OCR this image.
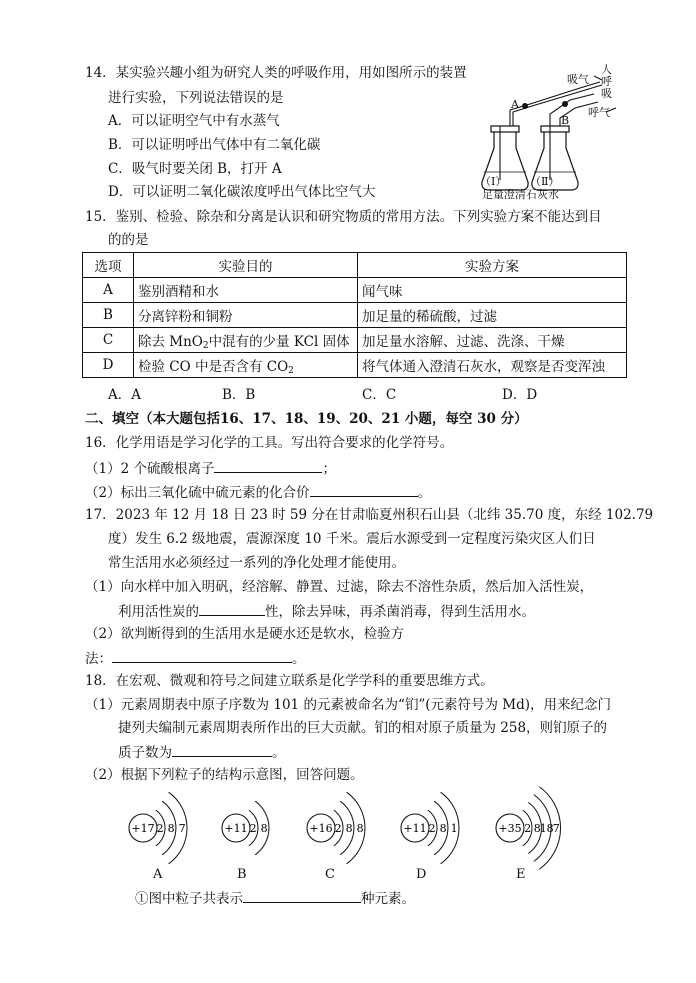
14．某实验兴趣小组为研究人类的呼吸作用，用如图所示的装置
进行实验，下列说法错误的是
A．可以证明空气中有水蒸气
B．可以证明呼出气体中有二氧化碳
C．吸气时要关闭 B，打开 A
D．可以证明二氧化碳浓度呼出气体比空气大
吸气
人
呼
吸
呼气
A
B
（Ⅰ） （Ⅱ）
足量澄清石灰水
15．鉴别、检验、除杂和分离是认识和研究物质的常用方法。下列实验方案不能达到目
的的是
选项	实验目的	实验方案
A	鉴别酒精和水	闻气味
B	分离锌粉和铜粉	加足量的稀硫酸，过滤
C	除去 MnO$_2$中混有的少量 KCl 固体	加足量水溶解、过滤、洗涤、干燥
D	检验 CO 中是否含有 $CO_2$	将气体通入澄清石灰水，观察是否变浑浊
A．A	B．B	C．C	D．D
二、填空（本大题包括16、17、18、19、20、21 小题，每空 30 分）
16．化学用语是学习化学的工具。写出符合要求的化学符号。
（1）2 个硫酸根离子	；
（2）标出三氧化硫中硫元素的化合价	。
17．2023 年 12 月 18 日 23 时 59 分在甘肃临夏州积石山县（北纬 35.70 度，东经 102.79
度）发生 6.2 级地震，震源深度 10 千米。震后水源受到一定程度污染灾区人们日
常生活用水必须经过一系列的净化处理才能使用。
（1）向水样中加入明矾，经溶解、静置、过滤，除去不溶性杂质，然后加入活性炭，
利用活性炭的	性，除去异味，再杀菌消毒，得到生活用水。
（2）欲判断得到的生活用水是硬水还是软水，检验方
法：	。
18．在宏观、微观和符号之间建立联系是化学学科的重要思维方式。
（1）元素周期表中原子序数为 101 的元素被命名为“钔”(元素符号为 Md)，用来纪念门
捷列夫编制元素周期表所作出的巨大贡献。钔的相对原子质量为 258，则钔原子的
质子数为	。
（2）根据下列粒子的结构示意图，回答问题。
+17 2 8 7	+11 2 8	+16 2 8 8	+11 2 8 1	+35 2 8 18 7
A	B	C	D	E
①图中粒子共表示	种元素。
